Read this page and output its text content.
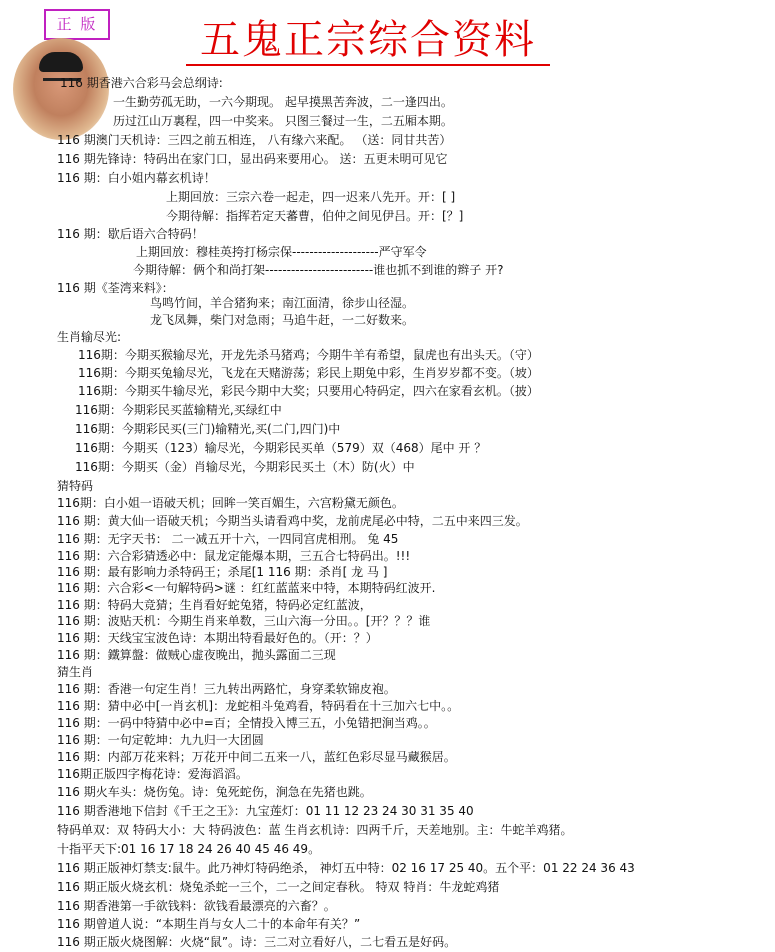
正 版	五鬼正宗综合资料
116 期香港六合彩马会总纲诗:
一生勤劳孤无助，一六今期现。 起早摸黑苦奔波，二一逢四出。
历过江山万裏程，四一中奖来。 只图三餐过一生，二五厢本期。
116 期澳门天机诗：三四之前五相连， 八有缘六来配。 （送：同甘共苦）
116 期先锋诗：特码出在家门口，显出码来要用心。 送：五更未明可见它
116 期：白小姐内幕玄机诗！
上期回放：三宗六卷一起走，四一迟来八先开。开：[ ]
今期待解：指挥若定天蕃曹，伯仲之间见伊吕。开：[？]
116 期：歇后语六合特码！
上期回放：穆桂英挎打杨宗保--------------------严守军令
今期待解：俩个和尚打架-------------------------谁也抓不到谁的辫子 开?
116 期《荃湾来料》：
鸟鸣竹间，羊合猪狗来；南江面清，徐步山径湿。
龙飞凤舞，柴门对急雨；马追牛赶，一二好数来。
生肖输尽光:
116期：今期买猴输尽光，开龙先杀马猪鸡；今期牛羊有希望，鼠虎也有出头天。（守）
116期：今期买兔输尽光，飞龙在天赌游荡；彩民上期兔中彩，生肖岁岁都不变。（坡）
116期：今期买牛输尽光，彩民今期中大奖；只要用心特码定，四六在家看玄机。（披）
116期：今期彩民买蓝输精光,买绿红中
116期：今期彩民买(三门)输精光,买(二门,四门)中
116期：今期买（123）输尽光，今期彩民买单（579）双（468）尾中 开 ？
116期：今期买（金）肖输尽光，今期彩民买土（木）防(火）中
猜特码
116期：白小姐一语破天机；回眸一笑百媚生，六宫粉黛无颜色。
116 期：黄大仙一语破天机；今期当头请看鸡中奖，龙前虎尾必中特，二五中来四三发。
116 期：无字天书： 二一减五开十六，一四同宫虎相刑。 兔 45
116 期：六合彩猜透必中：鼠龙定能爆本期，三五合七特码出。!!!
116 期：最有影响力杀特码王；杀尾[1 116 期：杀肖[ 龙 马 ]
116 期：六合彩<一句解特码>谜 ：红红蓝蓝来中特，本期特码红波开.
116 期：特码大竞猜；生肖看好蛇兔猪，特码必定红蓝波，
116 期：波贴天机：今期生肖来单数，三山六海一分田。。[开？？？谁
116 期：天线宝宝波色诗：本期出特看最好色的。（开：？）
116 期：鐵算盤：做贼心虚夜晚出，抛头露面二三现
猜生肖
116 期：香港一句定生肖！三九转出两路忙，身穿柔软锦皮袍。
116 期：猜中必中[一肖玄机]：龙蛇相斗兔鸡看，特码看在十三加六七中。。
116 期：一码中特猜中必中=百；全情投入博三五，小兔错把涧当鸡。。
116 期：一句定乾坤：九九归一大团圆
116 期：内部万花来料；万花开中间二五来一八，蓝红色彩尽显马藏猴居。
116期正版四字梅花诗：爱海滔滔。
116 期火车头：烧伤兔。诗：兔死蛇伤，涧急在先猪也跳。
116 期香港地下信封《千王之王》：九宝莲灯：01 11 12 23 24 30 31 35 40
特码单双：双 特码大小：大 特码波色：蓝 生肖玄机诗：四两千斤，天差地别。主：牛蛇羊鸡猪。
十指平天下:01 16 17 18 24 26 40 45 46 49。
116 期正版神灯禁支:鼠牛。此乃神灯特码绝杀， 神灯五中特：02 16 17 25 40。五个平：01 22 24 36 43
116 期正版火烧玄机：烧兔杀蛇一三个，二一之间定春秋。 特双 特肖：牛龙蛇鸡猪
116 期香港第一手欲钱料：欲钱看最漂亮的六畜？。
116 期曾道人说：“本期生肖与女人二十的本命年有关？”
116 期正版火烧图解：火烧“鼠”。诗：三二对立看好八，二七看五是好码。
